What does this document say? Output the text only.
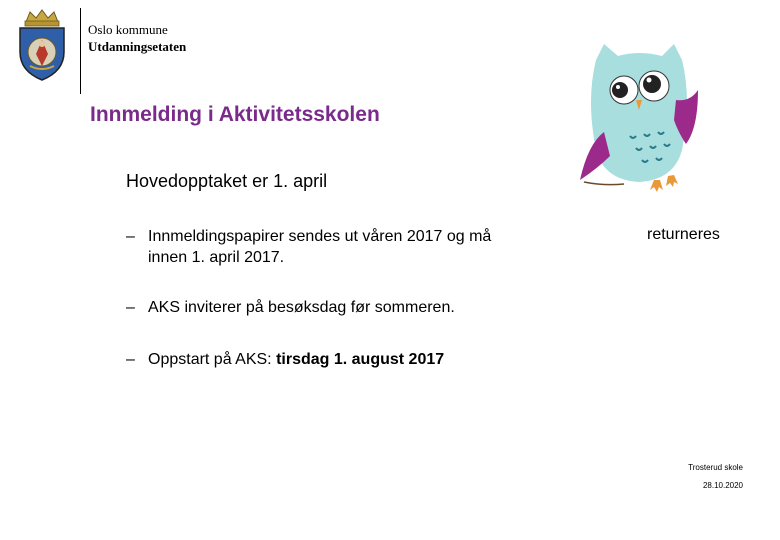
Oslo kommune
Utdanningsetaten
Innmelding i Aktivitetsskolen
Hovedopptaket er 1. april
– Innmeldingspapirer sendes ut våren 2017 og må
innen 1. april 2017.
returneres
– AKS inviterer på besøksdag før sommeren.
– Oppstart på AKS: tirsdag 1. august 2017
Trosterud skole
28.10.2020
